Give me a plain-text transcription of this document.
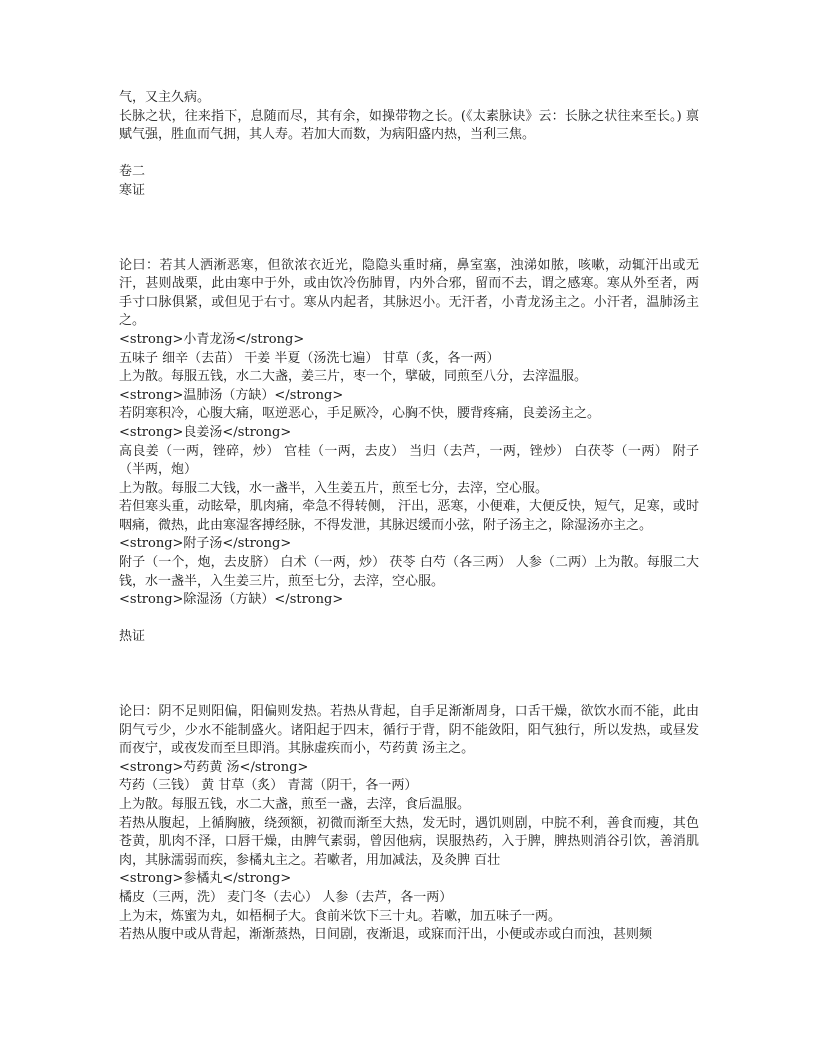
气，又主久病。
长脉之状，往来指下，息随而尽，其有余，如操带物之长。(《太素脉诀》云：长脉之状往来至长。) 禀赋气强，胜血而气拥，其人寿。若加大而数，为病阳盛内热，当利三焦。
卷二
寒证
论曰：若其人洒淅恶寒，但欲浓衣近光，隐隐头重时痛，鼻室塞，浊涕如脓，咳嗽，动辄汗出或无汗，甚则战栗，此由寒中于外，或由饮冷伤肺胃，内外合邪，留而不去，谓之感寒。寒从外至者，两手寸口脉俱紧，或但见于右寸。寒从内起者，其脉迟小。无汗者，小青龙汤主之。小汗者，温肺汤主之。
<strong>小青龙汤</strong>
五味子 细辛（去苗） 干姜 半夏（汤洗七遍） 甘草（炙，各一两）
上为散。每服五钱，水二大盏，姜三片，枣一个，擘破，同煎至八分，去滓温服。
<strong>温肺汤（方缺）</strong>
若阴寒积冷，心腹大痛，呕逆恶心，手足厥冷，心胸不快，腰背疼痛，良姜汤主之。
<strong>良姜汤</strong>
高良姜（一两，锉碎，炒） 官桂（一两，去皮） 当归（去芦，一两，锉炒） 白茯苓（一两） 附子（半两，炮）
上为散。每服二大钱，水一盏半，入生姜五片，煎至七分，去滓，空心服。
若但寒头重，动眩晕，肌肉痛，牵急不得转侧， 汗出，恶寒，小便难，大便反快，短气，足寒，或时咽痛，微热，此由寒湿客搏经脉，不得发泄，其脉迟缓而小弦，附子汤主之，除湿汤亦主之。
<strong>附子汤</strong>
附子（一个，炮，去皮脐） 白术（一两，炒） 茯苓 白芍（各三两） 人参（二两）上为散。每服二大钱，水一盏半，入生姜三片，煎至七分，去滓，空心服。
<strong>除湿汤（方缺）</strong>
热证
论曰：阴不足则阳偏，阳偏则发热。若热从背起，自手足渐渐周身，口舌干燥，欲饮水而不能，此由阴气亏少，少水不能制盛火。诸阳起于四末，循行于背，阴不能敛阳，阳气独行，所以发热，或昼发而夜宁，或夜发而至旦即消。其脉虚疾而小，芍药黄 汤主之。
<strong>芍药黄 汤</strong>
芍药（三钱） 黄 甘草（炙） 青蒿（阴干，各一两）
上为散。每服五钱，水二大盏，煎至一盏，去滓，食后温服。
若热从腹起，上循胸腋，绕颈额，初微而渐至大热，发无时，遇饥则剧，中脘不利，善食而瘦，其色苍黄，肌肉不泽，口唇干燥，由脾气素弱，曾因他病，误服热药，入于脾，脾热则消谷引饮，善消肌肉，其脉濡弱而疾，参橘丸主之。若嗽者，用加减法，及灸脾 百壮
<strong>参橘丸</strong>
橘皮（三两，洗） 麦门冬（去心） 人参（去芦，各一两）
上为末，炼蜜为丸，如梧桐子大。食前米饮下三十丸。若嗽，加五味子一两。
若热从腹中或从背起，渐渐蒸热，日间剧，夜渐退，或寐而汗出，小便或赤或白而浊，甚则频
